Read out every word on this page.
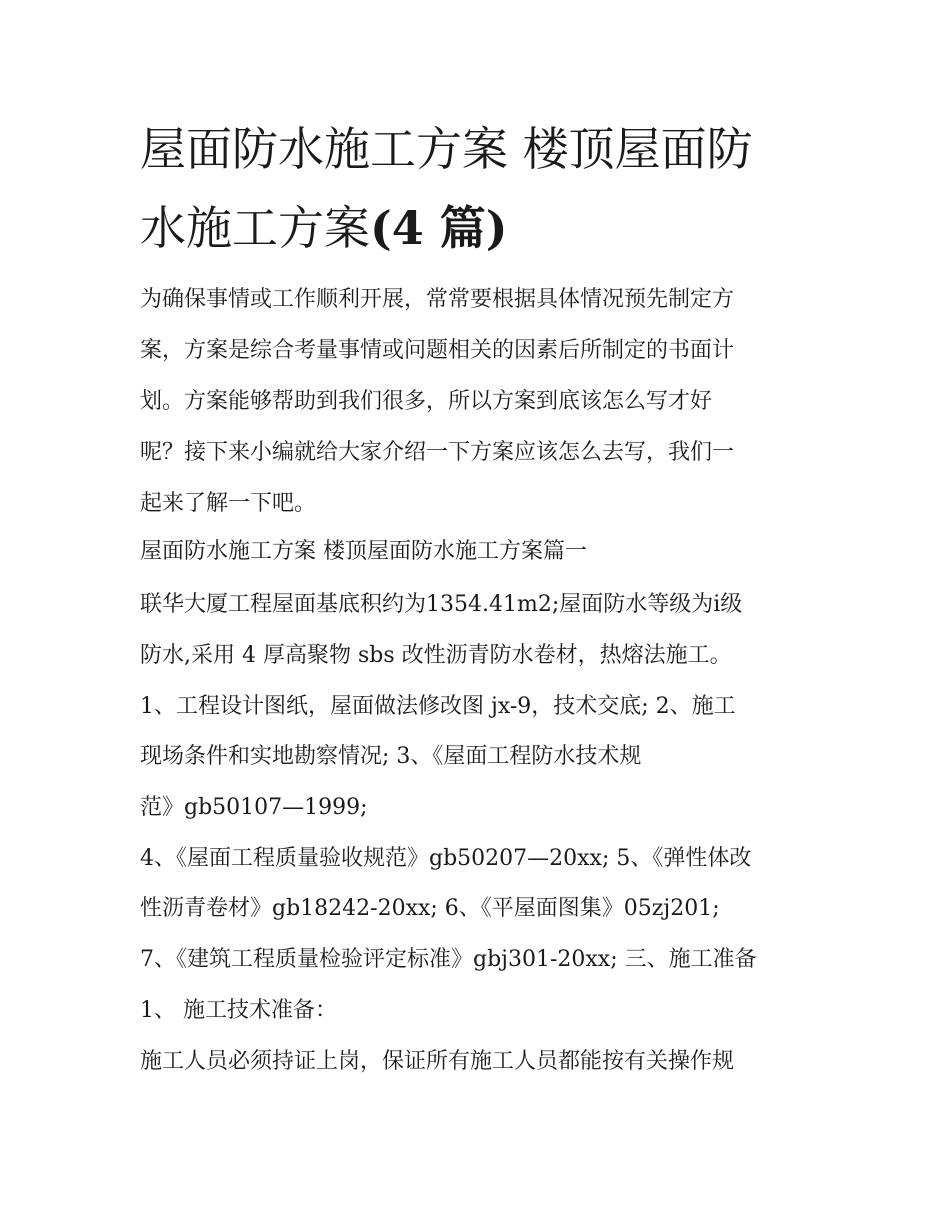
屋面防水施工方案 楼顶屋面防
水施工方案(4 篇)

为确保事情或工作顺利开展，常常要根据具体情况预先制定方

案，方案是综合考量事情或问题相关的因素后所制定的书面计

划。方案能够帮助到我们很多，所以方案到底该怎么写才好

呢？接下来小编就给大家介绍一下方案应该怎么去写，我们一

起来了解一下吧。

屋面防水施工方案 楼顶屋面防水施工方案篇一

联华大厦工程屋面基底积约为1354.41m2;屋面防水等级为ⅰ级

防水,采用 4 厚高聚物 sbs 改性沥青防水卷材，热熔法施工。

1、工程设计图纸，屋面做法修改图 jx-9，技术交底; 2、施工

现场条件和实地勘察情况; 3、《屋面工程防水技术规

范》gb50107—1999;

4、《屋面工程质量验收规范》gb50207—20xx; 5、《弹性体改

性沥青卷材》gb18242-20xx; 6、《平屋面图集》05zj201;

7、《建筑工程质量检验评定标准》gbj301-20xx; 三、施工准备

1、 施工技术准备：

施工人员必须持证上岗，保证所有施工人员都能按有关操作规
